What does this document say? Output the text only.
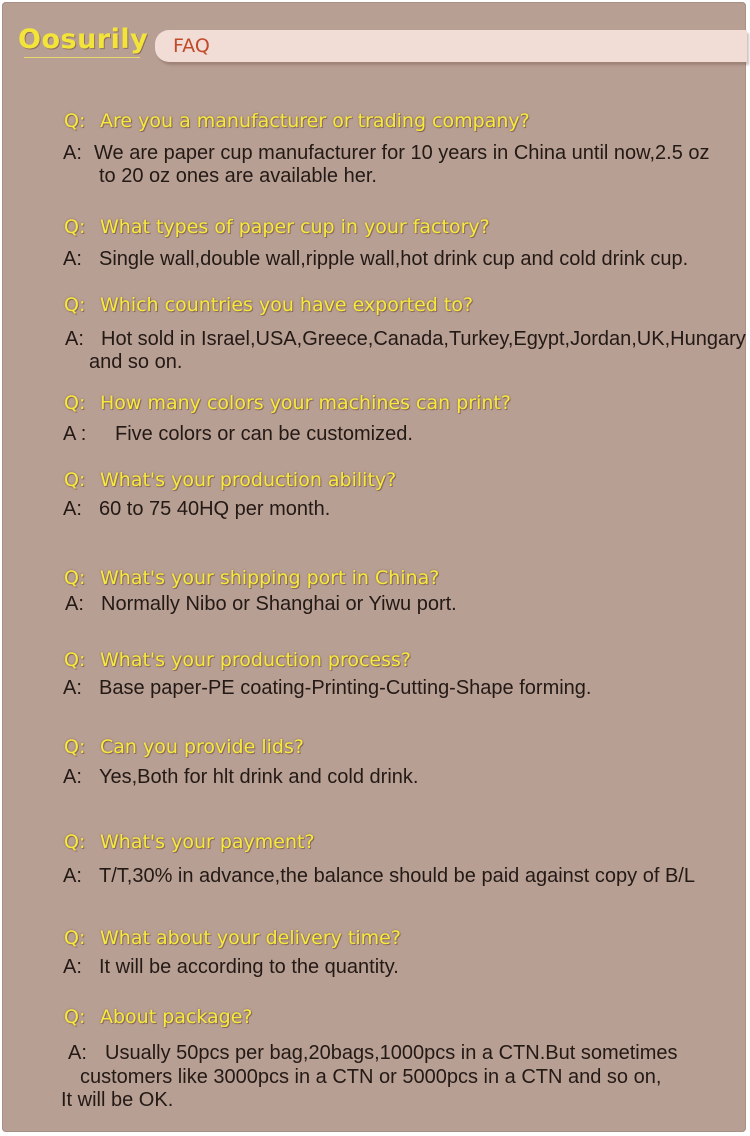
Oosurily FAQ
Q: Are you a manufacturer or trading company?
A: We are paper cup manufacturer for 10 years in China until now,2.5 oz
to 20 oz ones are available her.
Q: What types of paper cup in your factory?
A: Single wall,double wall,ripple wall,hot drink cup and cold drink cup.
Q: Which countries you have exported to?
A: Hot sold in Israel,USA,Greece,Canada,Turkey,Egypt,Jordan,UK,Hungary
and so on.
Q: How many colors your machines can print?
A : Five colors or can be customized.
Q: What's your production ability?
A: 60 to 75 40HQ per month.
Q: What's your shipping port in China?
A: Normally Nibo or Shanghai or Yiwu port.
Q: What's your production process?
A: Base paper-PE coating-Printing-Cutting-Shape forming.
Q: Can you provide lids?
A: Yes,Both for hlt drink and cold drink.
Q: What's your payment?
A: T/T,30% in advance,the balance should be paid against copy of B/L
Q: What about your delivery time?
A: It will be according to the quantity.
Q: About package?
A: Usually 50pcs per bag,20bags,1000pcs in a CTN.But sometimes
customers like 3000pcs in a CTN or 5000pcs in a CTN and so on,
It will be OK.
